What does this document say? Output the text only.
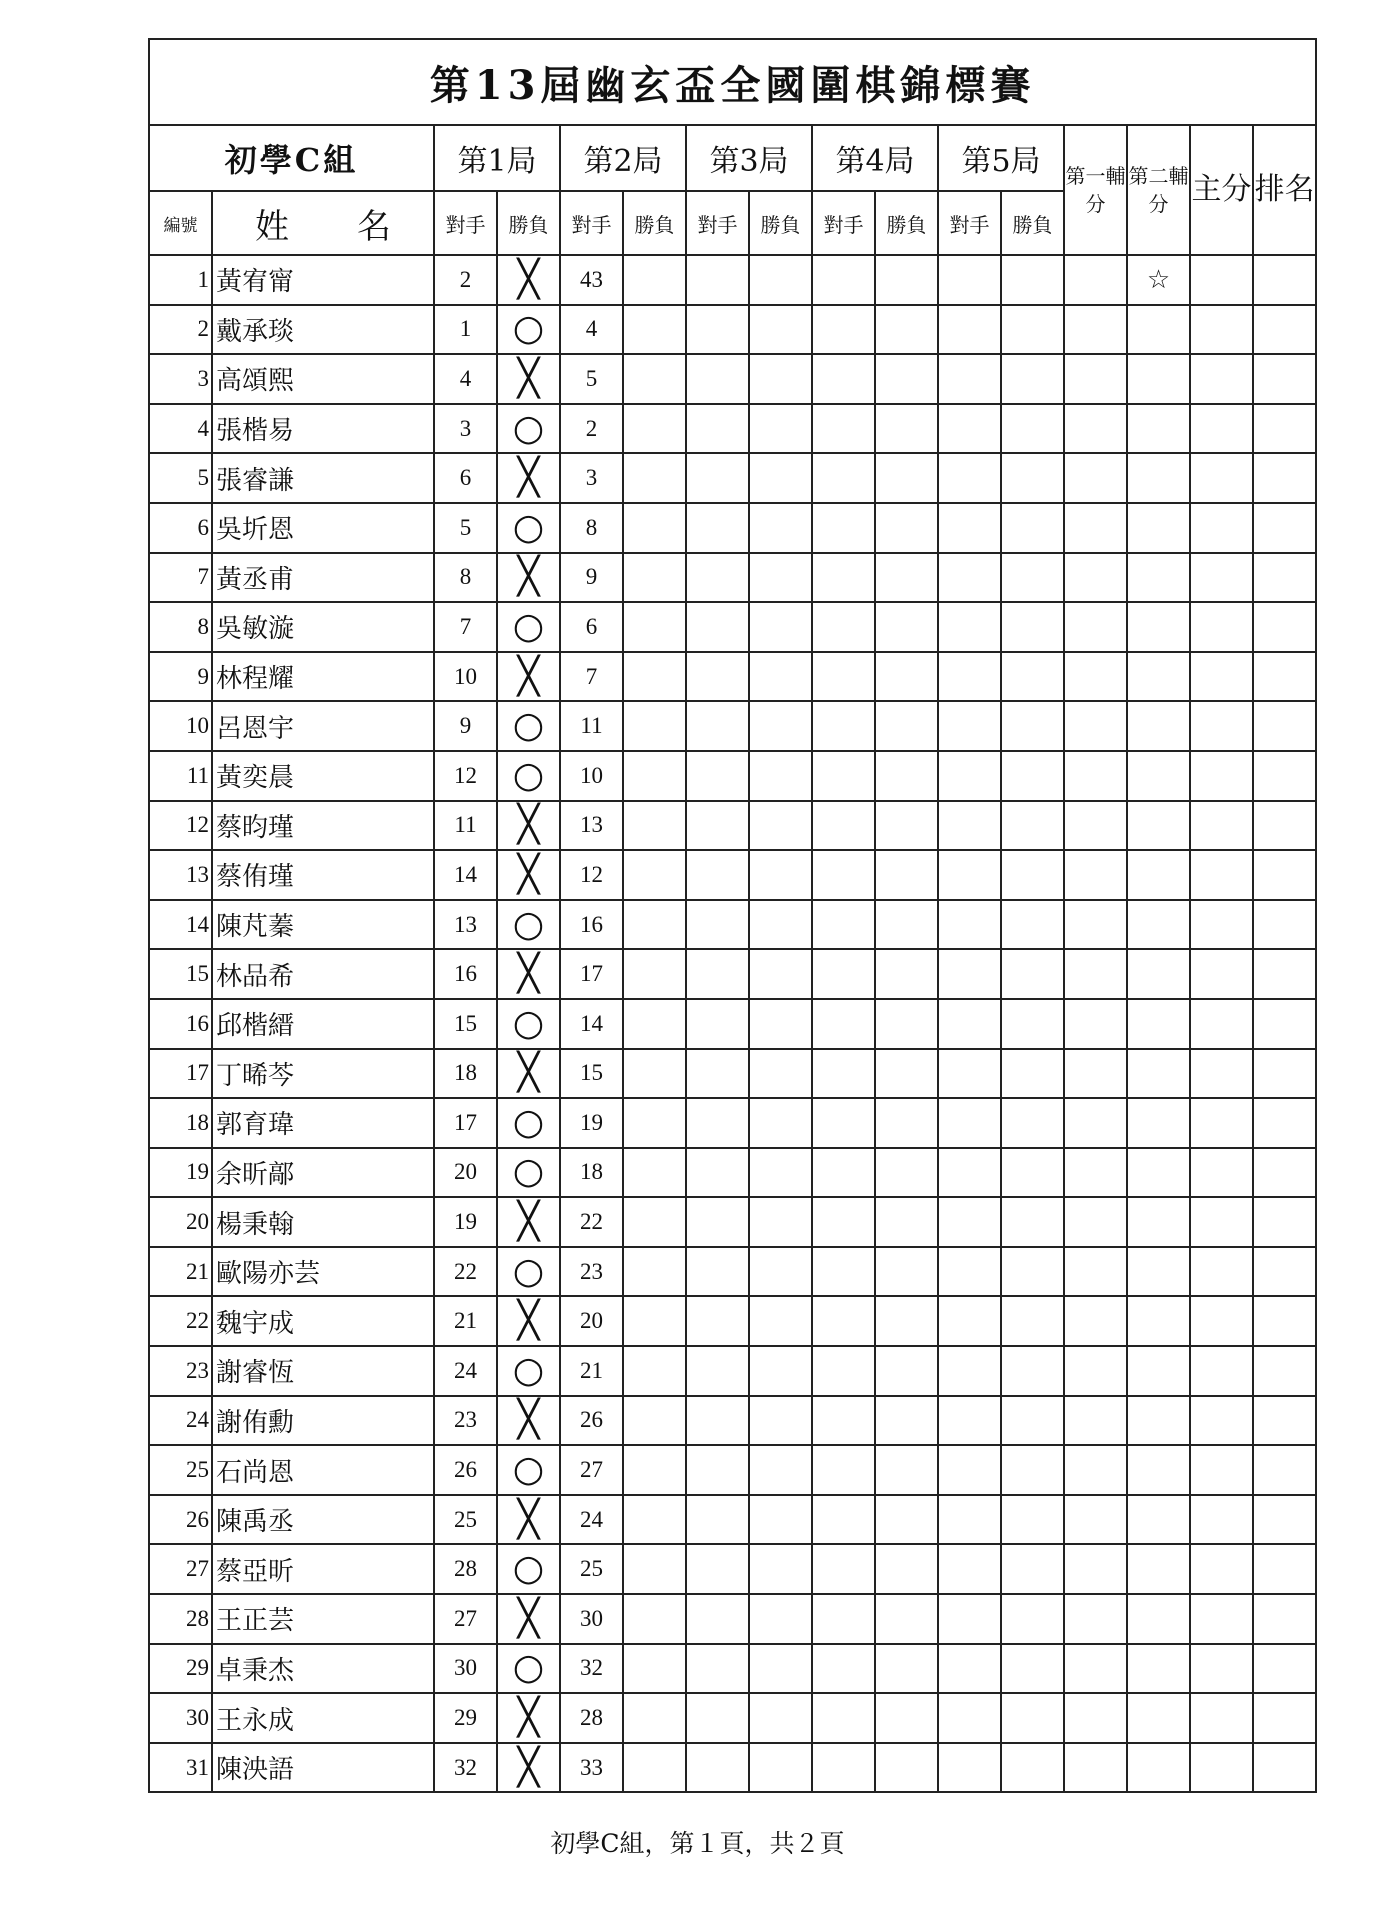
第13屆幽玄盃全國圍棋錦標賽															
初學C組		第1局		第2局		第3局		第4局		第5局		第一輔分	第二輔分	主分	排名
編號	姓　　名	對手	勝負	對手	勝負	對手	勝負	對手	勝負	對手	勝負				
1	黃宥甯	2	╳	43									☆		
2	戴承琰	1	○	4											
3	高頌熙	4	╳	5											
4	張楷易	3	○	2											
5	張睿謙	6	╳	3											
6	吳圻恩	5	○	8											
7	黃丞甫	8	╳	9											
8	吳敏漩	7	○	6											
9	林程耀	10	╳	7											
10	呂恩宇	9	○	11											
11	黃奕晨	12	○	10											
12	蔡昀瑾	11	╳	13											
13	蔡侑瑾	14	╳	12											
14	陳芃蓁	13	○	16											
15	林品希	16	╳	17											
16	邱楷縉	15	○	14											
17	丁晞芩	18	╳	15											
18	郭育瑋	17	○	19											
19	余昕鄗	20	○	18											
20	楊秉翰	19	╳	22											
21	歐陽亦芸	22	○	23											
22	魏宇成	21	╳	20											
23	謝睿恆	24	○	21											
24	謝侑勳	23	╳	26											
25	石尚恩	26	○	27											
26	陳禹丞	25	╳	24											
27	蔡亞昕	28	○	25											
28	王正芸	27	╳	30											
29	卓秉杰	30	○	32											
30	王永成	29	╳	28											
31	陳泱語	32	╳	33											
初學C組，第１頁，共２頁
